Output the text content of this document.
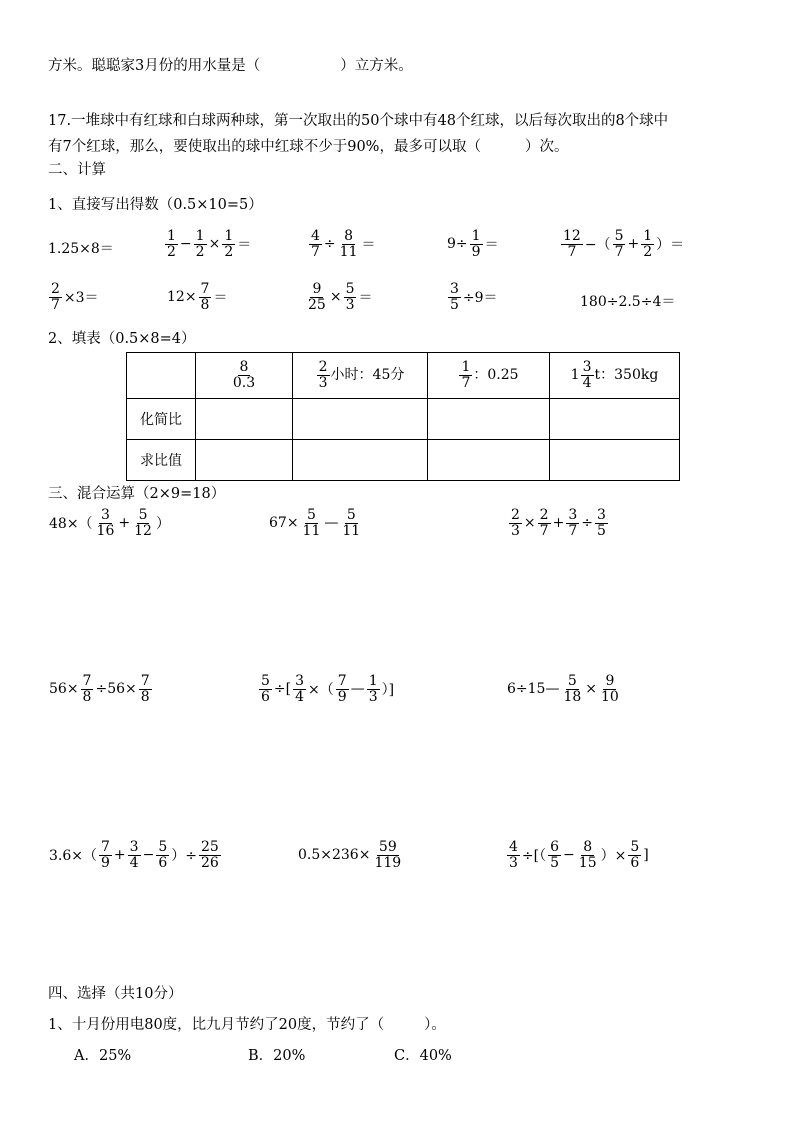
方米。聪聪家3月份的用水量是（	）立方米。
17.一堆球中有红球和白球两种球，第一次取出的50个球中有48个红球，以后每次取出的8个球中
有7个红球，那么，要使取出的球中红球不少于90%，最多可以取（	）次。
二、计算
1、直接写出得数（0.5×10=5）
1.25×8＝	$\frac{1}{2} - \frac{1}{2} \times \frac{1}{2}$ ＝	$\frac{4}{7} \div \frac{8}{11}$ ＝	$9\div \frac{1}{9}$ ＝	$\frac{12}{7}$ −（ $\frac{5}{7} + \frac{1}{2}$ ）＝
$\frac{2}{7} \times 3=$	$12\times \frac{7}{8}$ ＝	$\frac{9}{25} \times \frac{5}{3}$ ＝	$\frac{3}{5} \div 9=$	180÷2.5÷4＝
2、填表（0.5×8=4）

	$\frac{8}{0.3}$	$\frac{2}{3}$ 小时：45分	$\frac{1}{7}$ ：0.25	$1 \frac{3}{4}$ t：350kg
化简比				
求比值				
三、混合运算（2×9=18）
$48\times( \frac{3}{16} + \frac{5}{12}$ ）	$67\times \frac{5}{11}$ — $\frac{5}{11}$	$\frac{2}{3} \times \frac{2}{7} + \frac{3}{7} \div \frac{3}{5}$
$56\times \frac{7}{8} \div 56\times \frac{7}{8}$	$\frac{5}{6}$ ÷[ $\frac{3}{4}$ ×（ $\frac{7}{9}$ — $\frac{1}{3}$ ）]	6÷15— $\frac{5}{18} \times \frac{9}{10}$
$3.6\times( \frac{7}{9} + \frac{3}{4} - \frac{5}{6}$ ）÷ $\frac{25}{26}$	$0.5\times 236\times \frac{59}{119}$	$\frac{4}{3}$ ÷[（ $\frac{6}{5} - \frac{8}{15}$ ）× $\frac{5}{6}$ ]
四、选择（共10分）
1、十月份用电80度，比九月节约了20度，节约了（	）。
A．25%	B．20%	C．40%
